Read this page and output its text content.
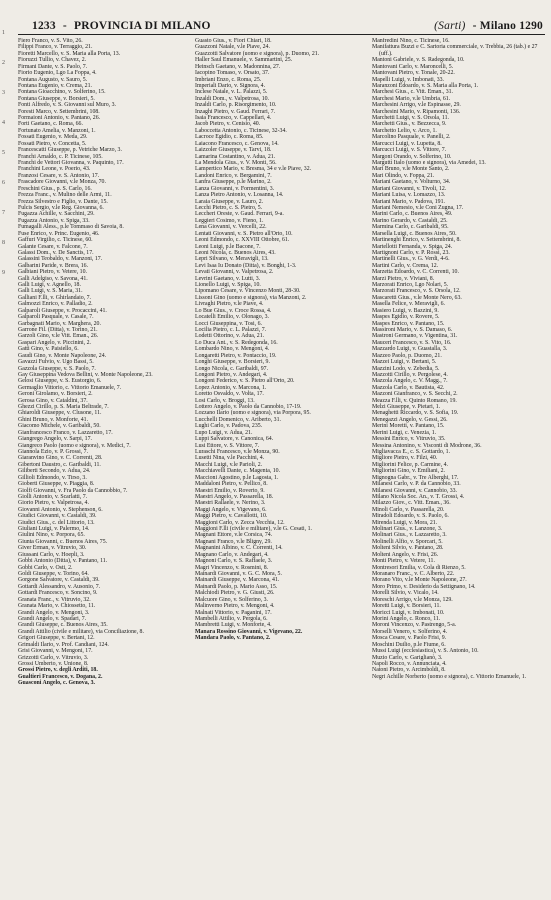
1
2
3
4
5
6
7
8
9
1233 - PROVINCIA DI MILANO	(Sarti) - Milano 1290
Fiero Franco, v. S. Vito, 26.
Filippi Franco, v. Terraggio, 21.
Fioretti Marcello, v. S. Maria alla Porta, 13.
Fioruzzi Tullio, v. Chavez, 2.
Firmani Dante, v. S. Paolo, 7.
Fiorio Eugenio, Lgo La Foppa, 4.
Fontana Augusto, v. Sauro, 5.
Fontana Eugenio, v. Crema, 21.
Fontana Gioacchino, v. Solferino, 15.
Fontana Giuseppe, v. Borsieri, 5.
Fonti Alfredo, v. S. Giovanni sul Muro, 3.
Foresti Marco, v. Settembrini, 108.
Formaioni Antonio, v. Pantano, 26.
Forti Gaetano, c. Roma, 66.
Fortunato Amelia, v. Manzoni, 1.
Fossati Eugenio, v. Meda, 29.
Fossati Pietro, v. Concetta, 5.
Francescatti Giuseppe, p. Vetriche Marzo, 3.
Franchi Arnaldo, c. P. Ticinese, 105.
Franchi de Vettori Giovanna, v. Paquinto, 17.
Franchini Leone, v. Poerio, 43.
Franzosi Cesare, v. S. Antonio, 17.
Frascadore Giovanni, v.le Monza, 70.
Freschini Gius., p. S. Carlo, 16.
Frezza Franc., v. Mulino delle Armi, 11.
Frezza Silvestro e Figlio, v. Dante, 15.
Fulcis Sergio, v.le Reg. Giovanna, 6.
Fugazza Achille, v. Sacchini, 29.
Fugazza Antonio, v. Spiga, 33.
Fumagalli Aless., p.le Tommaso di Savoia, 8.
Fuse Enrico, v. Princ. Eugenio, 46.
Gaffuri Virgilio, c. Ticinese, 60.
Galante Cesare, v. Falcone, 7.
Galassi Dom., v. De Sanctis, 17.
Galassini Teobaldo, v. Manzoni, 17.
Galbarini Paride, v. Brera, 16.
Galbiani Pietro, v. Vetere, 10.
Galli Adelgiso, v. Savona, 41.
Galli Luigi, v. Agnello, 18.
Galli Luigi, v. S. Maria, 31.
Galliani F.lli, v. Ghirlandaio, 7.
Galmozzi Enrico, v. Palladio, 2.
Galparoli Giuseppe, v. Procaccini, 41.
Galparoli Pasquale, v. Casale, 7.
Garbagnati Mario, v. Marghera, 20.
Garrone Fil. (Ditta), v. Torino, 21.
Garzoli Gino, v.le Vitt. Eman., 26.
Gaspari Angelo, v. Piccinini, 2.
Gatti Gino, v. Paisiello, 6.
Gaudi Gino, v. Monte Napoleone, 24.
Gavazzi Fulvio, v. Ugo Bassi, 5.
Gazzola Giuseppe, v. S. Paolo, 7.
Gay Giuseppina Vedova Bellini, v. Monte Napoleone, 23.
Gelosi Giuseppe, v. S. Eustorgio, 6.
Germaglio Vittorio, c. Vittorio Emanuele, 7.
Geroni Girolamo, v. Borsieri, 2.
Gerosa Gino, v. Cataldini, 37.
Ghezzi Cirillo, p. S. Maria Beltrade, 7.
Ghiaroldi Giuseppe, v. Clusone, 11.
Ghini Bruno, v. Monforte, 41.
Giacomo Michele, v. Garibaldi, 50.
Gianfrancesco Franco, v. Lazzaretto, 17.
Giangrego Angelo, v. Sarpi, 17.
Giangreco Paolo (uomo e signora), v. Medici, 7.
Giannola Ezio, v. P. Grossi, 7.
Giaranvino Gino, v. C. Correnti, 28.
Gibertoni Daustro, c. Garibaldi, 11.
Giliberti Secondo, v. Adua, 24.
Gillioli Edmondo, v. Tirso, 3.
Gioberti Giuseppe, v. Piaggia, 8.
Giolfi Giovanni, v. Fra Paolo da Cannobbio, 7.
Giolli Antonio, v. Scarlatti, 7.
Giorio Pietro, v. Valpetrosa, 4.
Giovanni Antonio, v. Stephenson, 6.
Giudici Giovanni, v. Castaldi, 39.
Giudici Gius., c. del Littorio, 13.
Giuliani Luigi, v. Palermo, 14.
Giulini Nino, v. Porpora, 65.
Giunta Giovanni, c. Buenos Aires, 75.
Giver Erman, v. Vitruvio, 30.
Giussani Carlo, v. Hoepli, 3.
Gobbi Antonio (Ditta), v. Pantano, 11.
Gobbi Carlo, v. Osti, 2.
Goldi Giuseppe, v. Torino, 64.
Gorgone Salvatore, v. Castaldi, 39.
Gottardi Alessandro, v. Ausonio, 7.
Gottardi Francesco, v. Soncino, 9.
Granata Franc., v. Vitruvio, 32.
Granata Mario, v. Chiossetto, 11.
Grandi Angelo, v. Mengoni, 3.
Grandi Angelo, v. Spadari, 7.
Grandi Giuseppe, c. Buenos Aires, 35.
Grandi Attilio (civile e militare), via Conciliazione, 8.
Grigori Giuseppe, v. Bertani, 12.
Grimaldi Ilario, v. Prof. Candiani, 124.
Grisi Giovanni, v. Mengoni, 17.
Grizzotti Carlo, v. Vitruvio, 3.
Grossi Umberto, v. Unione, 8.
Grossi Pietro, v. degli Arditi, 18.
Gualtieri Francesco, v. Dogana, 2.
Guasconi Angelo, c. Genova, 3.
Guasto Gius., v. Fiori Chiari, 18.
Guazzoni Natale, v.le Piave, 24.
Guazzotti Salvatore (uomo e signora), p. Duomo, 21.
Haller Saul Emanuele, v. Sammartini, 25.
Heinsch Gaetano, v. Madonnina, 27.
Iacopino Tomaso, v. Orsato, 37.
Imbriani Enzo, c. Roma, 25.
Imperiali Dario, v. Signora, 4.
Inclese Natale, v. L. Palazzi, 5.
Inzaldi Dom., v. Valpetrosa, 10.
Inzaldi Carlo, p. Risorgimento, 10.
Inzaghi Pietro, v. Gaud. Ferrari, 7.
Isaia Francesco, v. Cappellari, 4.
Jacob Pietro, v. Cenisio, 40.
Laboccetta Antonio, c. Ticinese, 32-34.
Lacroce Egidio, c. Roma, 85.
Laiacono Francesco, c. Genova, 14.
Laizzoler Giuseppe, v. Tarvi, 18.
Lamarina Costantino, v. Adua, 21.
La Mendola Gius., v. V. Monti, 56.
Lampertico Mario, v. Bresma, 34 e v.le Piave, 32.
Landoni Enrico, v. Bergamini, 7.
Lanfra Giuseppe, p.le Marino, 2.
Lanza Giovanni, v. Formentini, 3.
Lanza Pietro Antonio, v. Losanna, 14.
Laraia Giuseppe, v. Lauro, 2.
Lecchi Pietro, c. S. Pietro, 5.
Leccheri Oreste, v. Gaud. Ferrari, 9-a.
Leggieri Cosimo, v. Fieno, 1.
Lena Giovanni, v. Vercelli, 22.
Lentati Giovanni, v. S. Pietro all'Orto, 10.
Leoni Edmondo, c. XXVIII Ottobre, 61.
Leoni Luigi, p.le Bacone, 7.
Leoni Nicola, c. Buenos Aires, 43.
Lepri Silvano, v. Meravigli, 13.
Levi Isaa Iu Donato (Ditta), v. Bonghi, 1-3.
Levati Giovanni, v. Valpetrosa, 2.
Levrini Gaetano, v. Lutti, 3.
Lionello Luigi, v. Spiga, 10.
Lipomano Cesare, v. Vincenzo Monti, 28-30.
Lissoni Gino (uomo e signora), via Manzoni, 2.
Livraghi Pietro, v.le Piave, 4.
Lo Bue Gius., v. Croce Rossa, 4.
Locatelli Emilio, v. Olonago, 3.
Locci Giuseppina, v. Tosi, 6.
Locilia Pietro, c. L. Palazzi, 7.
Lodetti Ottorino, v. Adua, 21.
Lo Duca Ant., v. S. Redegonda, 16.
Lombardo Nino, v. Mengoni, 4.
Longaretti Pietro, v. Pontaccio, 19.
Longhi Giuseppe, v. Borsieri, 9.
Longo Nicola, c. Garibaldi, 97.
Longoni Pietro, v. Andegari, 4.
Longoni Federico, v. S. Pietro all'Orto, 20.
Lopez Antonio, v. Marcona, 1.
Loretto Osvaldo, v. Volta, 17.
Losi Carlo, v. Broggi, 13.
Lottero Angelo, v. Paolo da Cannobio, 17-19.
Lozzano Ilario (uomo e signora), via Porpora, 95.
Lucchelli Domenico, v. Ariberto, 31.
Lughi Carlo, v. Padova, 235.
Lupo Luigi, v. Adua, 21.
Luppi Salvatore, v. Canonica, 64.
Lusi Ettore, v. S. Vittore, 7.
Luraschi Francesco, v.le Monza, 90.
Lusetti Nina, v.le Pacchini, 4.
Macchi Luigi, v.le Parioli, 2.
Macchiavelli Dante, c. Magenta, 10.
Maccioni Agostino, p.le Lagosta, 1.
Maddaloni Pietro, v. Pellico, 8.
Maestri Emilio, v. Roverto, 9.
Maestri Angelo, v. Passarella, 18.
Maestri Rallaele, v. Nerino, 3.
Maggi Angelo, v. Vigevano, 6.
Maggi Pietro, v. Cavallotti, 10.
Maggioni Carlo, v. Zecca Vecchia, 12.
Maggioni F.lli (civile e militare), v.le G. Cesati, 1.
Magnani Ettore, v.le Corsica, 74.
Magnani Franco, v.le Bligny, 29.
Magnanini Albino, v. C. Correnti, 14.
Magnano Carlo, v. Andegari, 4.
Magnoni Carlo, v. S. Raffaele, 3.
Magri Vincenzo, v. Rosmini, 8.
Mainardi Giovanni, v. G. C. Mora, 5.
Mainardi Giuseppe, v. Marcona, 41.
Mainardi Paolo, p. Mario Asso, 15.
Malchiodi Pietro, v. G. Giusti, 26.
Malcuore Gino, v. Solferino, 3.
Malinverno Pietro, v. Mengoni, 4.
Malnati Vittorio, v. Paganini, 17.
Mambelli Attilio, v. Pergola, 6.
Mambretti Luigi, v. Monforte, 4.
Manara Rossino Giovanni, v. Vigevano, 22.
Mandara Paolo, v. Pantano, 2.
Manfredini Nino, c. Ticinese, 16.
Manifattura Buzzi e C. Sartoria commerciale, v. Trebbia, 26 (tab.) e 27 (uff.).
Mantoni Gabriele, v. S. Radegonda, 10.
Mantovani Carlo, v. Maroncelli, 5.
Mantovani Pietro, v. Tonale, 20-22.
Mapelli Luigi, v. Imbonati, 33.
Maranzoni Edoardo, v. S. Maria alla Porta, 1.
Marchesi Gius., c. Vitt. Eman., 31.
Marchesi Mario, v.le Umbria, 61.
Marchesini Arrigo, v.le Espinasse, 29.
Marchesini Mario, v. Ripamonti, 136.
Marchetti Luigi, v. S. Orsola, 11.
Marchetti Gius., v. Bezzecca, 9.
Marchetto Lelio, v. Arco, 1.
Marcolino Pasquale, v. Panelli, 2.
Marcucci Luigi, v. Lupetta, 8.
Marcucci Luigi, v. S. Vittore, 7.
Margoni Orando, v. Solferino, 10.
Marguttì Italo (uomo e signora), via Amedei, 13.
Mari Bruno, v.le Monte Santo, 2.
Mari Olindo, v. Foppa, 21.
Mariani Gaetano, v. Volturno, 34.
Mariani Giovanni, v. Tivoli, 12.
Mariani Luisa, v. Lomazzo, 13.
Mariani Mario, v. Padova, 191.
Mariani Nemesio, v.le Coni Zugna, 17.
Marini Carlo, c. Buenos Aires, 49.
Marino Gerardo, v. Castaldi, 25.
Marmina Carlo, c. Garibaldi, 95.
Marsella Luigi, c. Buenos Aires, 50.
Martinenghi Enrico, v. Settembrini, 8.
Martellotti Fernanda, v. Spiga, 24.
Martignoni Carlo, v. P. Rossi, 23.
Martinelli Gius., v. G. Verdi, 4-6.
Martini Carlo, v. Crema, 12.
Marzetta Edoardo, v. C. Correnti, 10.
Marzi Pietro, v. Viviani, 8.
Marzorati Enrico, Lgo Nolari, 5.
Marzorati Francesco, v. S. Orsola, 12.
Mascaretti Gius., v.le Monte Nero, 63.
Masella Felice, v. Meravigli, 6.
Masiero Luigi, v. Bazzini, 9.
Maspes Egidio, v. Rovere, 5.
Maspes Enrico, v. Pantano, 15.
Massironi Mario, v. S. Damaso, 6.
Mastroni Germano, v. Vigentina, 31.
Mauceri Francesco, v. S. Vito, 16.
Mazzardo Luigi, v. Guastalla, 3.
Mazzeo Paolo, p. Duomo, 21.
Mazzei Luigi, v. Bertani, 5.
Mazzini Lodo, v. Zebedia, 5.
Mazzotti Cirillo, v. Pergolese, 4.
Mazzola Angelo, c. V. Magg., 7.
Mazzola Carlo, v. Bautista, 42.
Mazzoni Gianfranco, v. S. Secchi, 2.
Meazza F.lli, v. Quinto Romano, 19.
Melzi Giuseppe, v. Pietari, 1.
Menaghetti Riccardo, v. S. Sofia, 19.
Menegazzi Angelo, v. Gessi, 26.
Merini Moretti, v. Pantano, 15.
Merini Luigi, c. Venezia, 1.
Messini Enrico, v. Vitruvio, 35.
Messina Antonino, v. Visconti di Modrone, 36.
Migliavacca E., c. S. Gottardo, 1.
Migliore Pietro, v. Filzi, 40.
Migliorini Felice, p. Carmine, 4.
Migliorini Gino, v. Emiliani, 2.
Mignogna Gabr., v. Tre Alberghi, 17.
Milanesi Carlo, v. P. da Cannobio, 33.
Milanesi Giovanni, v. Cannobio, 33.
Milano Nicola Soc. An., v. T. Grossi, 4.
Milazzo Giov., c. Vitt. Eman., 36.
Minoli Carlo, v. Passarella, 20.
Miradoli Edoardo, v. S. Paolo, 6.
Mirenda Luigi, v. Mora, 21.
Molinari Gius., v. Lanzone, 3.
Molinari Gius., v. Lazzaretto, 3.
Molinelli Alfio, v. Sporcari, 5.
Molteni Silvio, v. Pantano, 28.
Molteni Angelo, v. Frisi, 26.
Monti Pietro, v. Vetere, 11.
Montresori Emilia, v. Cola di Rienzo, 5.
Moranaro Franc., v. C. Alberto, 22.
Morano Vito, v.le Monte Napoleone, 27.
Moro Primo, v. Desiderio da Settignano, 14.
Morelli Silvio, v. Vicalo, 14.
Moreschi Arrigo, v.le Monza, 129.
Moretti Luigi, v. Borsieri, 11.
Moricci Luigi, v. Imbonati, 10.
Morini Angelo, c. Ronco, 11.
Moroni Vincenzo, v. Pastrengo, 5-a.
Morselli Venero, v. Solferino, 4.
Mosca Cesare, v. Paolo Frisi, 9.
Moschini Duilio, p.le Fiume, 6.
Mussi Luigi (ecclesiastica), v. S. Antonio, 10.
Muzio Carlo, v. Gariglianò, 3.
Napoli Rocco, v. Annunciata, 4.
Natoni Pietro, v. Arcimboldi, 8.
Negri Achille Norberto (uomo e signora), c. Vittorio Emanuele, 1.
